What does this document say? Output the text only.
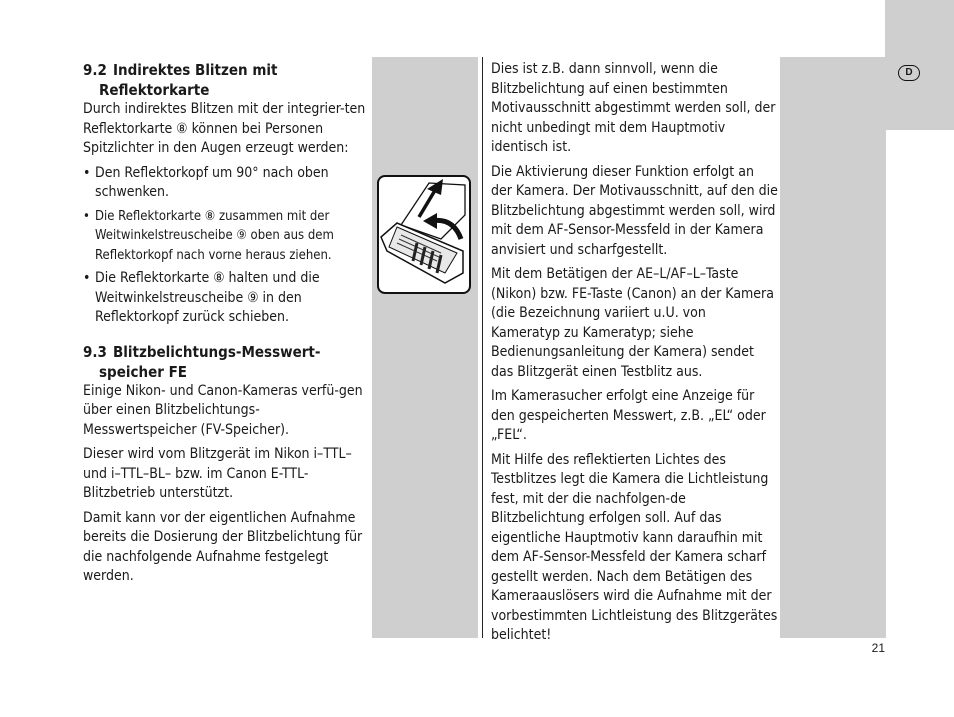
D
9.2 Indirektes Blitzen mit
Reflektorkarte

Durch indirektes Blitzen mit der integrier-ten Reflektorkarte ⑧ können bei Personen Spitzlichter in den Augen erzeugt werden:

• Den Reflektorkopf um 90° nach oben schwenken.
• Die Reflektorkarte ⑧ zusammen mit der Weitwinkelstreuscheibe ⑨ oben aus dem Reflektorkopf nach vorne heraus ziehen.
• Die Reflektorkarte ⑧ halten und die Weitwinkelstreuscheibe ⑨ in den Reflektorkopf zurück schieben.
9.3 Blitzbelichtungs-Messwert-
speicher FE

Einige Nikon- und Canon-Kameras verfü-gen über einen Blitzbelichtungs-Messwertspeicher (FV-Speicher).

Dieser wird vom Blitzgerät im Nikon i–TTL– und i–TTL–BL– bzw. im Canon E-TTL-Blitzbetrieb unterstützt.

Damit kann vor der eigentlichen Aufnahme bereits die Dosierung der Blitzbelichtung für die nachfolgende Aufnahme festgelegt werden.

Dies ist z.B. dann sinnvoll, wenn die Blitzbelichtung auf einen bestimmten Motivausschnitt abgestimmt werden soll, der nicht unbedingt mit dem Hauptmotiv identisch ist.

Die Aktivierung dieser Funktion erfolgt an der Kamera. Der Motivausschnitt, auf den die Blitzbelichtung abgestimmt werden soll, wird mit dem AF-Sensor-Messfeld in der Kamera anvisiert und scharfgestellt.

Mit dem Betätigen der AE–L/AF–L–Taste (Nikon) bzw. FE-Taste (Canon) an der Kamera (die Bezeichnung variiert u.U. von Kameratyp zu Kameratyp; siehe Bedienungsanleitung der Kamera) sendet das Blitzgerät einen Testblitz aus.

Im Kamerasucher erfolgt eine Anzeige für den gespeicherten Messwert, z.B. „EL“ oder „FEL“.

Mit Hilfe des reflektierten Lichtes des Testblitzes legt die Kamera die Lichtleistung fest, mit der die nachfolgen-de Blitzbelichtung erfolgen soll. Auf das eigentliche Hauptmotiv kann daraufhin mit dem AF-Sensor-Messfeld der Kamera scharf gestellt werden. Nach dem Betätigen des Kameraauslösers wird die Aufnahme mit der vorbestimmten Lichtleistung des Blitzgerätes belichtet!

21
